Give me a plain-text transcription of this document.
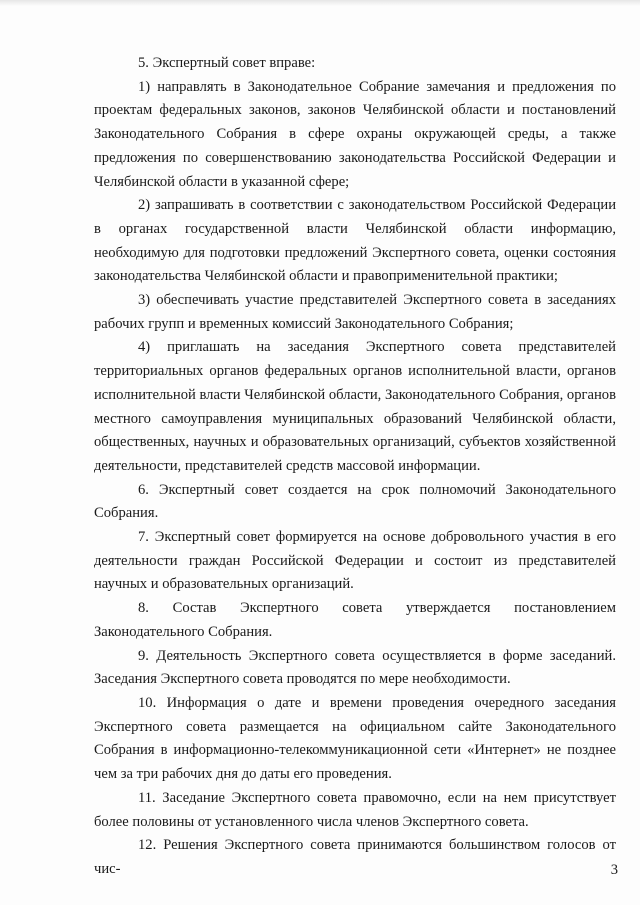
5. Экспертный совет вправе:

1) направлять в Законодательное Собрание замечания и предложения по проектам федеральных законов, законов Челябинской области и постановлений Законодательного Собрания в сфере охраны окружающей среды, а также предложения по совершенствованию законодательства Российской Федерации и Челябинской области в указанной сфере;

2) запрашивать в соответствии с законодательством Российской Федерации в органах государственной власти Челябинской области информацию, необходимую для подготовки предложений Экспертного совета, оценки состояния законодательства Челябинской области и правоприменительной практики;

3) обеспечивать участие представителей Экспертного совета в заседаниях рабочих групп и временных комиссий Законодательного Собрания;

4) приглашать на заседания Экспертного совета представителей территориальных органов федеральных органов исполнительной власти, органов исполнительной власти Челябинской области, Законодательного Собрания, органов местного самоуправления муниципальных образований Челябинской области, общественных, научных и образовательных организаций, субъектов хозяйственной деятельности, представителей средств массовой информации.

6. Экспертный совет создается на срок полномочий Законодательного Собрания.

7. Экспертный совет формируется на основе добровольного участия в его деятельности граждан Российской Федерации и состоит из представителей научных и образовательных организаций.

8. Состав Экспертного совета утверждается постановлением Законодательного Собрания.

9. Деятельность Экспертного совета осуществляется в форме заседаний. Заседания Экспертного совета проводятся по мере необходимости.

10. Информация о дате и времени проведения очередного заседания Экспертного совета размещается на официальном сайте Законодательного Собрания в информационно-телекоммуникационной сети «Интернет» не позднее чем за три рабочих дня до даты его проведения.

11. Заседание Экспертного совета правомочно, если на нем присутствует более половины от установленного числа членов Экспертного совета.

12. Решения Экспертного совета принимаются большинством голосов от чис-	3
